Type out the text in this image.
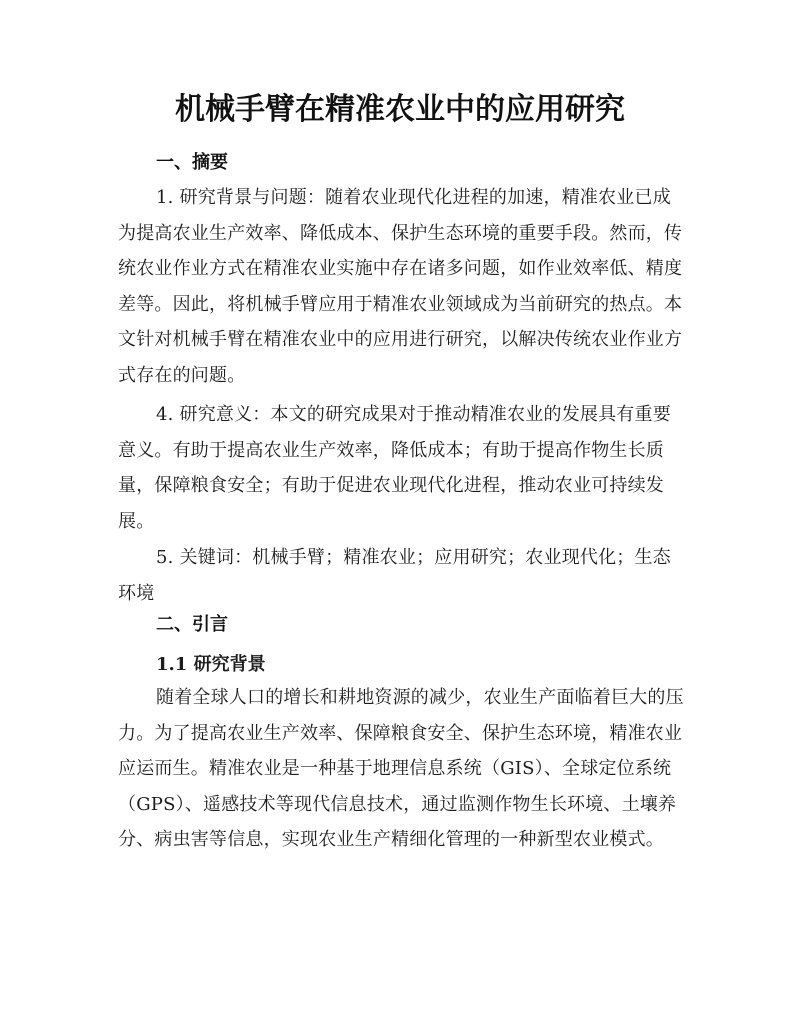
机械手臂在精准农业中的应用研究
一、摘要

1. 研究背景与问题：随着农业现代化进程的加速，精准农业已成为提高农业生产效率、降低成本、保护生态环境的重要手段。然而，传统农业作业方式在精准农业实施中存在诸多问题，如作业效率低、精度差等。因此，将机械手臂应用于精准农业领域成为当前研究的热点。本文针对机械手臂在精准农业中的应用进行研究，以解决传统农业作业方式存在的问题。

4. 研究意义：本文的研究成果对于推动精准农业的发展具有重要意义。有助于提高农业生产效率，降低成本；有助于提高作物生长质量，保障粮食安全；有助于促进农业现代化进程，推动农业可持续发展。

5. 关键词：机械手臂；精准农业；应用研究；农业现代化；生态环境

二、引言
1.1 研究背景

随着全球人口的增长和耕地资源的减少，农业生产面临着巨大的压力。为了提高农业生产效率、保障粮食安全、保护生态环境，精准农业应运而生。精准农业是一种基于地理信息系统（GIS）、全球定位系统（GPS）、遥感技术等现代信息技术，通过监测作物生长环境、土壤养分、病虫害等信息，实现农业生产精细化管理的一种新型农业模式。
